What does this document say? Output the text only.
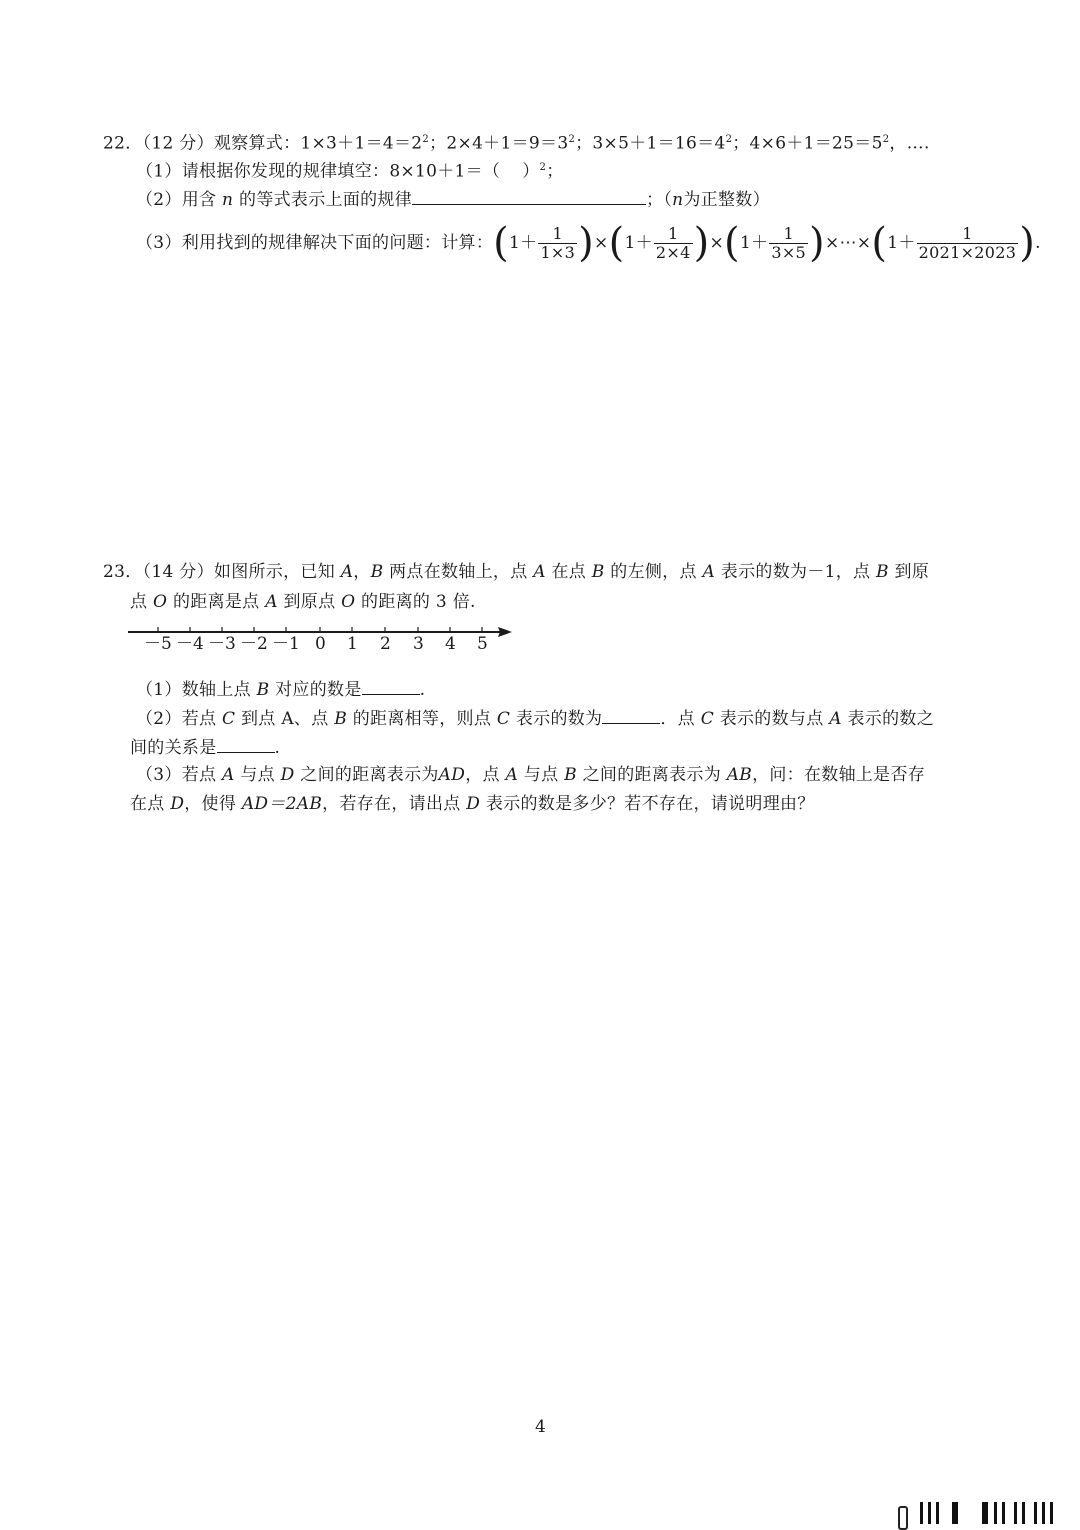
22．（12 分）观察算式：$1\times 3+1=4=2^2$；$2\times 4+1=9=3^2$；$3\times 5+1=16=4^2$；$4\times 6+1=25=5^2$，….
（1）请根据你发现的规律填空：8×10＋1＝（ ）$^2$；
（2）用含 n 的等式表示上面的规律	；（n为正整数）
（3） 利用找到的规律解决下面的问题：计算： ( $1+ \frac{1}{1\times 3}$ ) × ( $1+ \frac{1}{2\times 4}$ ) × ( $1+ \frac{1}{3\times 5}$ ) ×⋯× ( $1+ \frac{1}{2021\times 2023}$ ) .
23．（14 分）如图所示，已知 A，B 两点在数轴上，点 A 在点 B 的左侧，点 A 表示的数为－1，点 B 到原
点 O 的距离是点 A 到原点 O 的距离的 3 倍.
－5 －4 －3 －2 －1 0 1 2 3 4 5
（1）数轴上点 B 对应的数是	.
（2）若点 C 到点 A、点 B 的距离相等，则点 C 表示的数为	．点 C 表示的数与点 A 表示的数之
间的关系是	.
（3）若点 A 与点 D 之间的距离表示为AD，点 A 与点 B 之间的距离表示为 AB，问：在数轴上是否存
在点 D，使得 AD＝2AB，若存在，请出点 D 表示的数是多少？若不存在，请说明理由？
4
